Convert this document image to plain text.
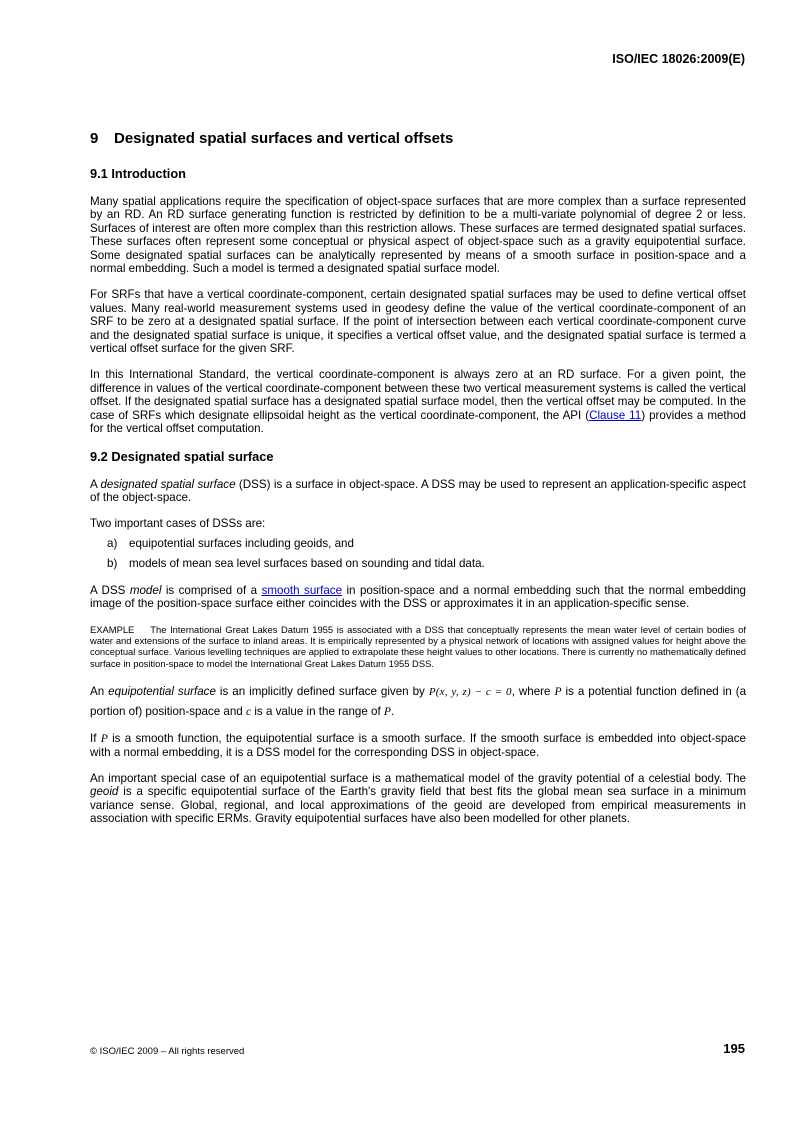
ISO/IEC 18026:2009(E)
9 Designated spatial surfaces and vertical offsets
9.1 Introduction

Many spatial applications require the specification of object-space surfaces that are more complex than a surface represented by an RD. An RD surface generating function is restricted by definition to be a multi-variate polynomial of degree 2 or less. Surfaces of interest are often more complex than this restriction allows. These surfaces are termed designated spatial surfaces. These surfaces often represent some conceptual or physical aspect of object-space such as a gravity equipotential surface. Some designated spatial surfaces can be analytically represented by means of a smooth surface in position-space and a normal embedding. Such a model is termed a designated spatial surface model.

For SRFs that have a vertical coordinate-component, certain designated spatial surfaces may be used to define vertical offset values. Many real-world measurement systems used in geodesy define the value of the vertical coordinate-component of an SRF to be zero at a designated spatial surface. If the point of intersection between each vertical coordinate-component curve and the designated spatial surface is unique, it specifies a vertical offset value, and the designated spatial surface is termed a vertical offset surface for the given SRF.

In this International Standard, the vertical coordinate-component is always zero at an RD surface. For a given point, the difference in values of the vertical coordinate-component between these two vertical measurement systems is called the vertical offset. If the designated spatial surface has a designated spatial surface model, then the vertical offset may be computed. In the case of SRFs which designate ellipsoidal height as the vertical coordinate-component, the API (Clause 11) provides a method for the vertical offset computation.

9.2 Designated spatial surface

A designated spatial surface (DSS) is a surface in object-space. A DSS may be used to represent an application-specific aspect of the object-space.

Two important cases of DSSs are:

a) equipotential surfaces including geoids, and
b) models of mean sea level surfaces based on sounding and tidal data.

A DSS model is comprised of a smooth surface in position-space and a normal embedding such that the normal embedding image of the position-space surface either coincides with the DSS or approximates it in an application-specific sense.

EXAMPLE The International Great Lakes Datum 1955 is associated with a DSS that conceptually represents the mean water level of certain bodies of water and extensions of the surface to inland areas. It is empirically represented by a physical network of locations with assigned values for height above the conceptual surface. Various levelling techniques are applied to extrapolate these height values to other locations. There is currently no mathematically defined surface in position-space to model the International Great Lakes Datum 1955 DSS.

An equipotential surface is an implicitly defined surface given by P(x, y, z) − c = 0, where P is a potential function defined in (a portion of) position-space and c is a value in the range of P.

If P is a smooth function, the equipotential surface is a smooth surface. If the smooth surface is embedded into object-space with a normal embedding, it is a DSS model for the corresponding DSS in object-space.

An important special case of an equipotential surface is a mathematical model of the gravity potential of a celestial body. The geoid is a specific equipotential surface of the Earth's gravity field that best fits the global mean sea surface in a minimum variance sense. Global, regional, and local approximations of the geoid are developed from empirical measurements in association with specific ERMs. Gravity equipotential surfaces have also been modelled for other planets.

© ISO/IEC 2009 – All rights reserved	195
